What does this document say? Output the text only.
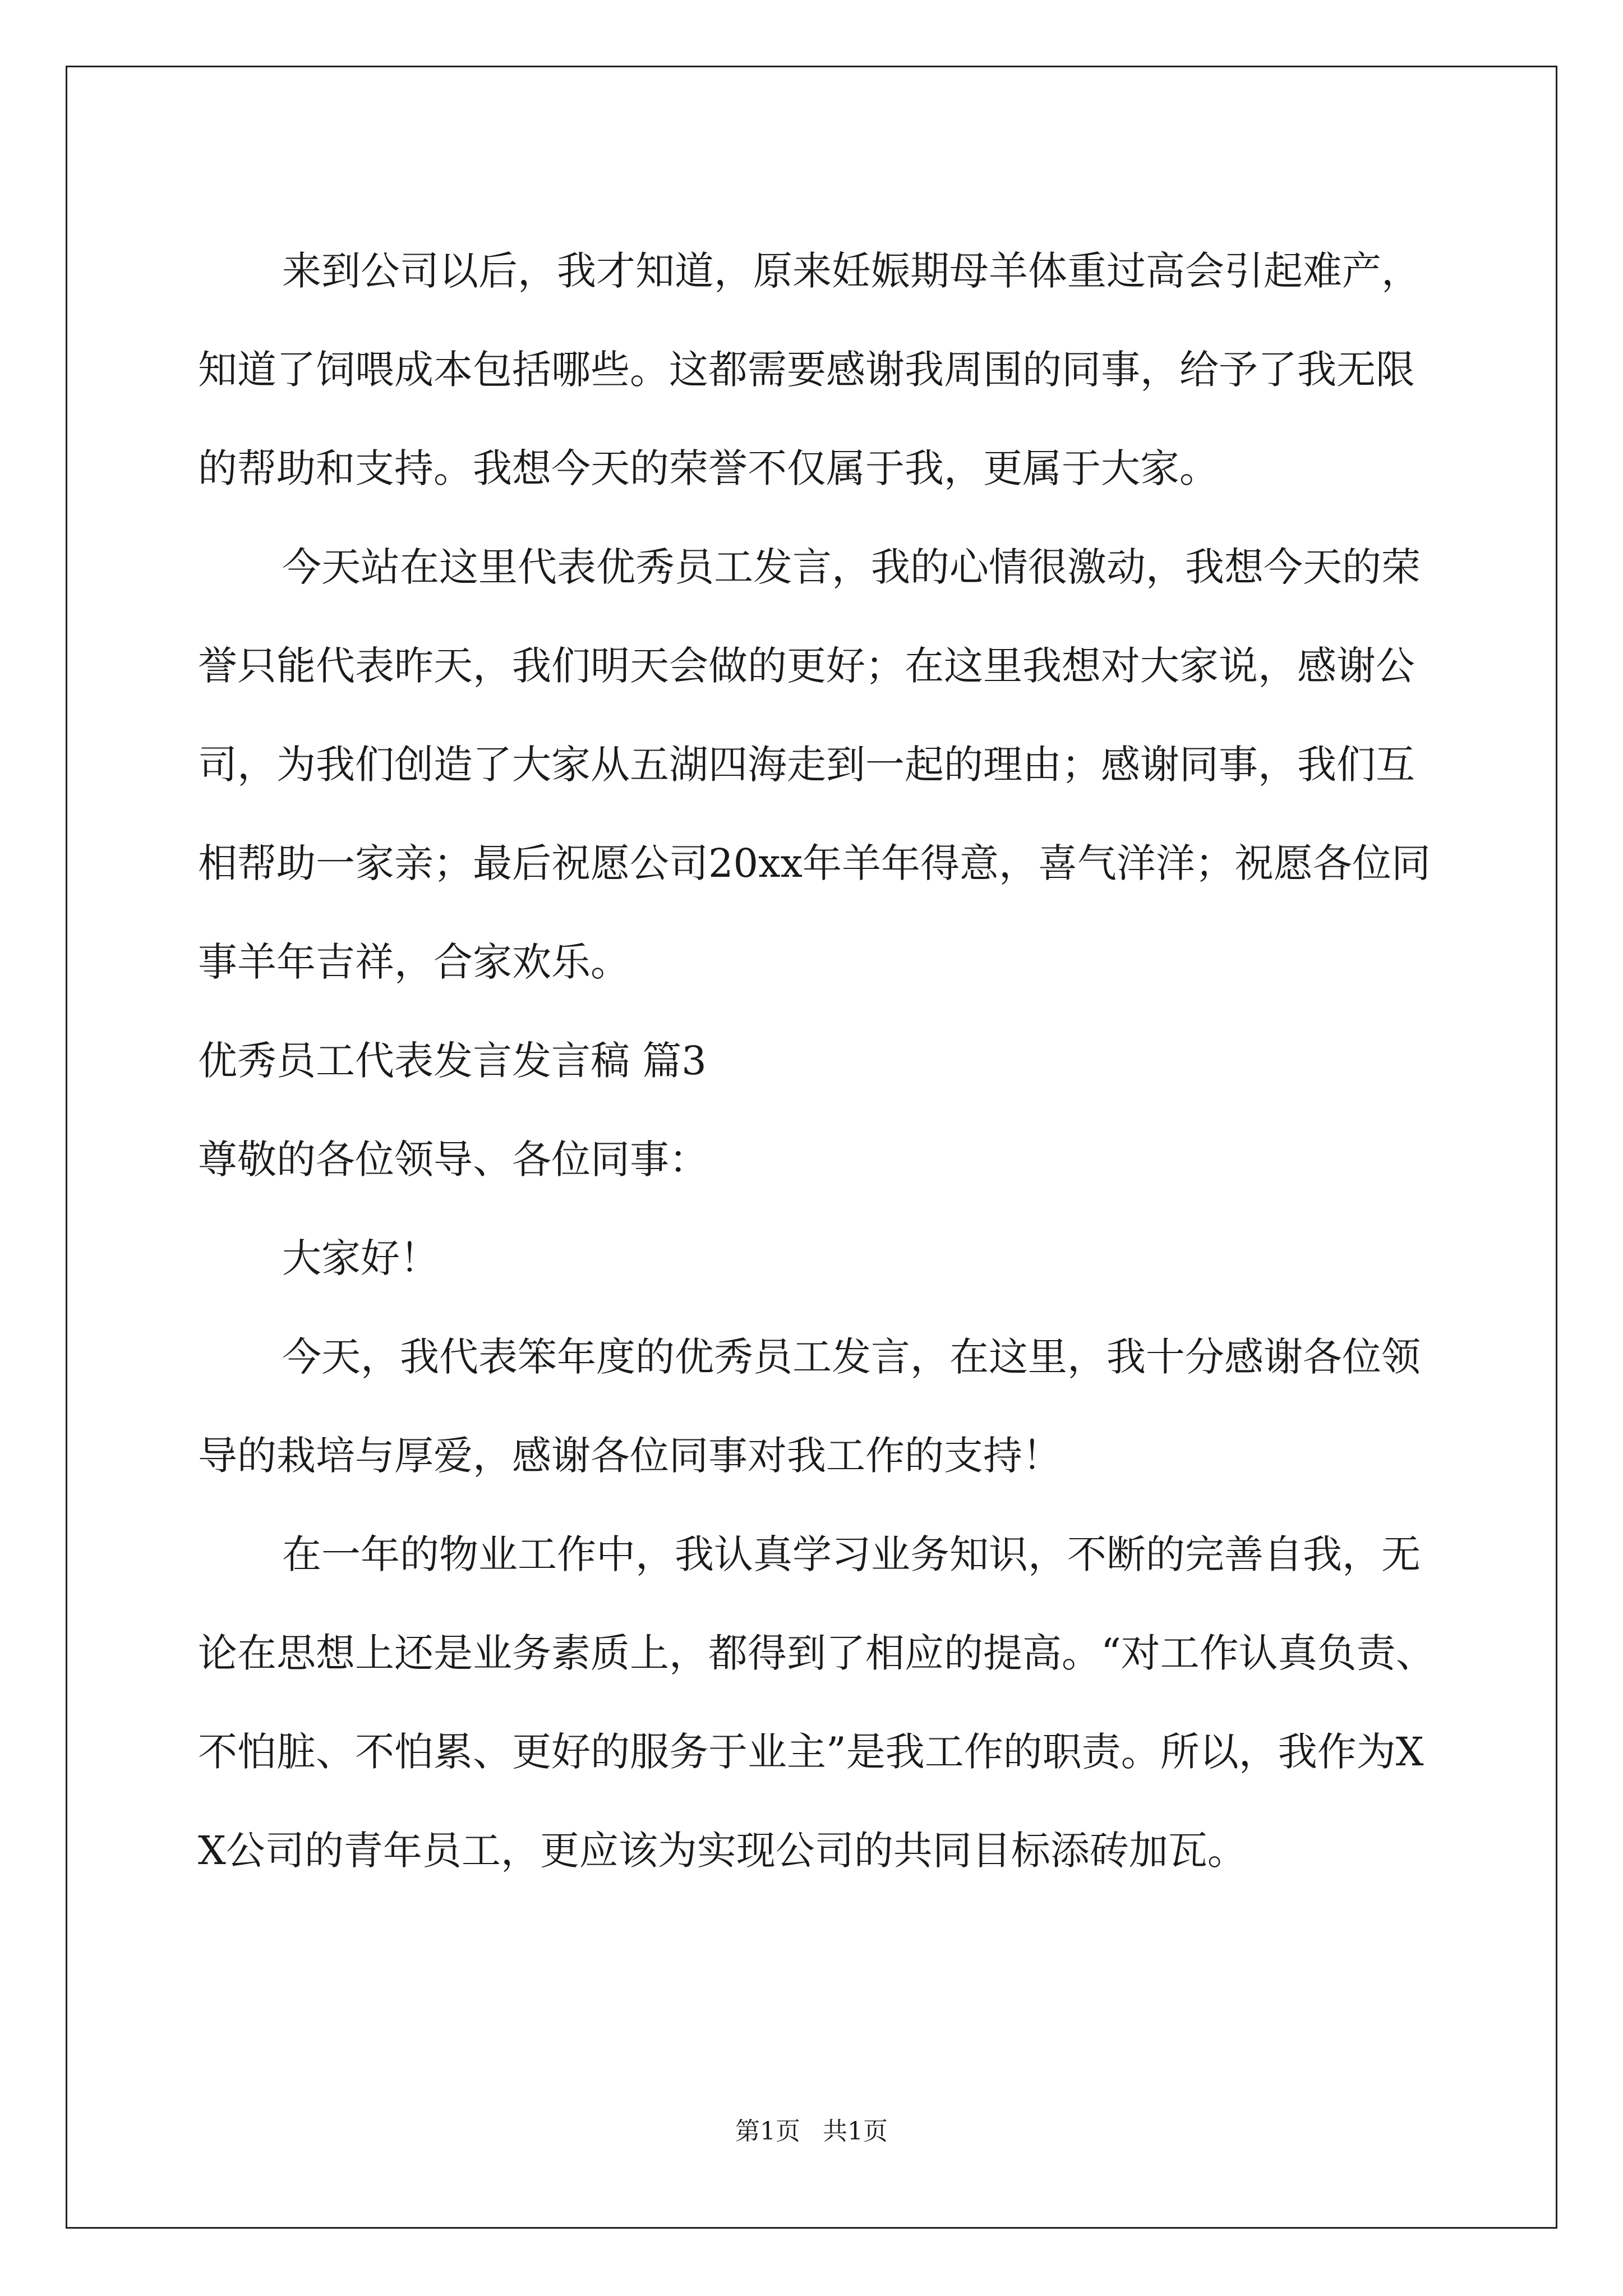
来到公司以后，我才知道，原来妊娠期母羊体重过高会引起难产，知道了饲喂成本包括哪些。这都需要感谢我周围的同事，给予了我无限的帮助和支持。我想今天的荣誉不仅属于我，更属于大家。

今天站在这里代表优秀员工发言，我的心情很激动，我想今天的荣誉只能代表昨天，我们明天会做的更好；在这里我想对大家说，感谢公司，为我们创造了大家从五湖四海走到一起的理由；感谢同事，我们互相帮助一家亲；最后祝愿公司20xx年羊年得意，喜气洋洋；祝愿各位同事羊年吉祥，合家欢乐。

优秀员工代表发言发言稿 篇3

尊敬的各位领导、各位同事：

大家好！

今天，我代表笨年度的优秀员工发言，在这里，我十分感谢各位领导的栽培与厚爱，感谢各位同事对我工作的支持！

在一年的物业工作中，我认真学习业务知识，不断的完善自我，无论在思想上还是业务素质上，都得到了相应的提高。“对工作认真负责、不怕脏、不怕累、更好的服务于业主”是我工作的职责。所以，我作为XX公司的青年员工，更应该为实现公司的共同目标添砖加瓦。

第1页 共1页
